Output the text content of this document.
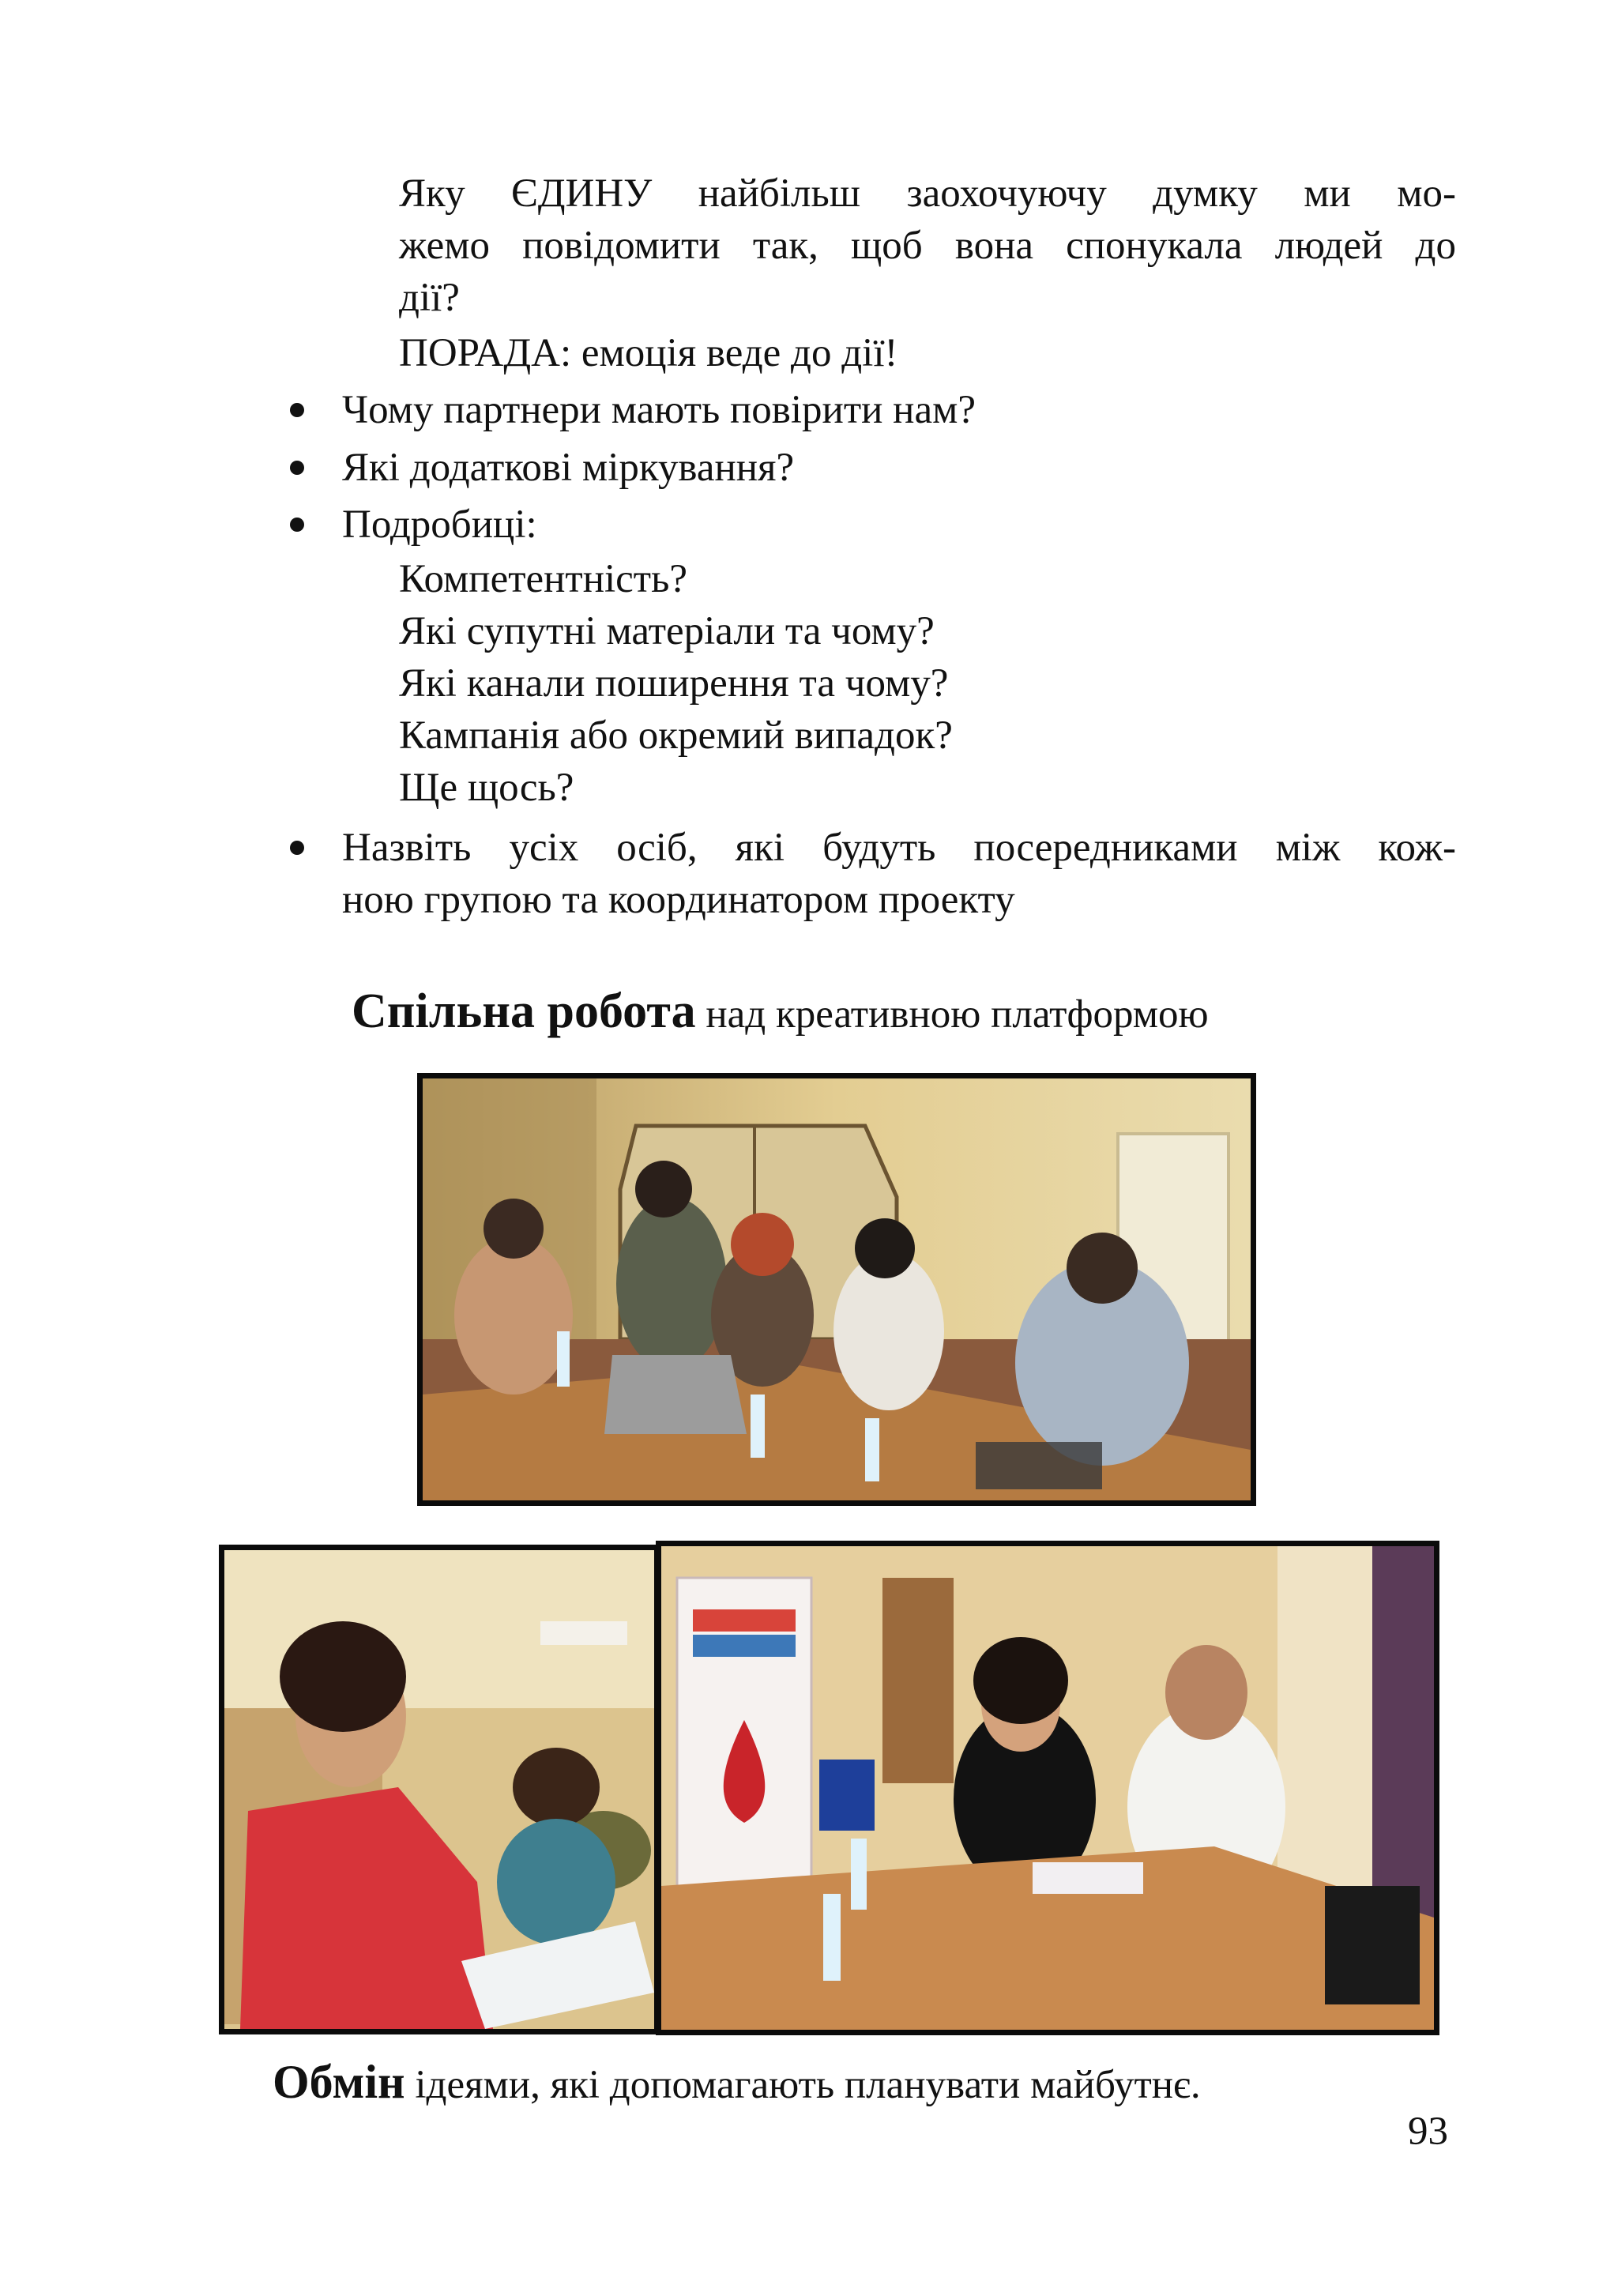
Яку ЄДИНУ найбільш заохочуючу думку ми мо-
жемо повідомити так, щоб вона спонукала людей до
дії?
ПОРАДА: емоція веде до дії!
Чому партнери мають повірити нам?
Які додаткові міркування?
Подробиці:
Компетентність?
Які супутні матеріали та чому?
Які канали поширення та чому?
Кампанія або окремий випадок?
Ще щось?
Назвіть усіх осіб, які будуть посередниками між кож-
ною групою та координатором проекту
Спільна робота над креативною платформою
Обмін ідеями, які допомагають планувати майбутнє.
93
